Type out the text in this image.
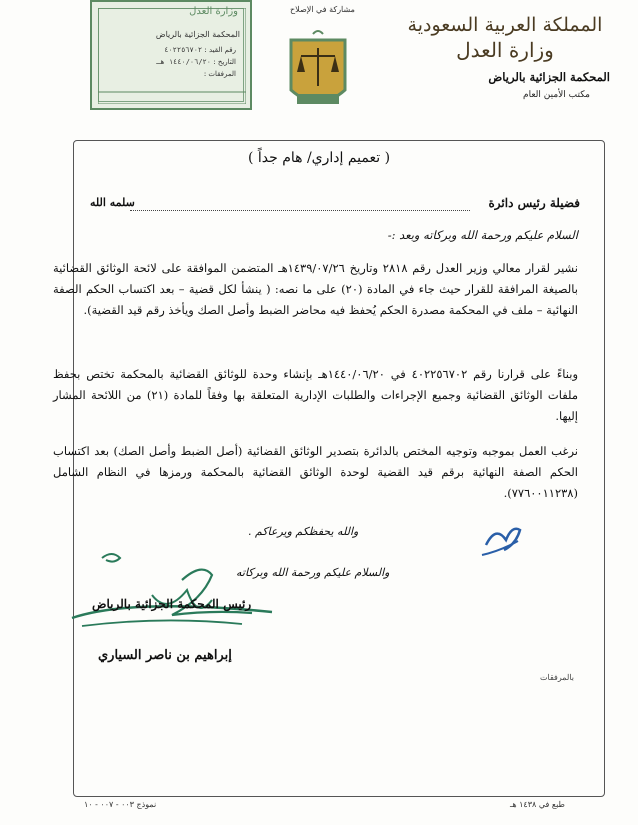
وزارة العدل
المحكمة الجزائية بالرياض
رقم القيد : ٤٠٢٢٥٦٧٠٢
التاريخ : ١٤٤٠/٠٦/٢٠ هـ
المرفقات :
مشاركة في الإصلاح
المملكة العربية السعودية
وزارة العدل
المحكمة الجزائية بالرياض
مكتب الأمين العام
( تعميم إداري/ هام جداً )
فضيلة رئيس دائرة
سلمه الله
السلام عليكم ورحمة الله وبركاته وبعد :-
نشير لقرار معالي وزير العدل رقم ٢٨١٨ وتاريخ ١٤٣٩/٠٧/٢٦هـ المتضمن الموافقة على لائحة الوثائق القضائية بالصيغة المرافقة للقرار حيث جاء في المادة (٢٠) على ما نصه: ( ينشأ لكل قضية – بعد اكتساب الحكم الصفة النهائية – ملف في المحكمة مصدرة الحكم يُحفظ فيه محاضر الضبط وأصل الصك ويأخذ رقم قيد القضية).
وبناءً على قرارنا رقم ٤٠٢٢٥٦٧٠٢ في ١٤٤٠/٠٦/٢٠هـ بإنشاء وحدة للوثائق القضائية بالمحكمة تختص بحفظ ملفات الوثائق القضائية وجميع الإجراءات والطلبات الإدارية المتعلقة بها وفقاً للمادة (٢١) من اللائحة المشار إليها.
نرغب العمل بموجبه وتوجيه المختص بالدائرة بتصدير الوثائق القضائية (أصل الضبط وأصل الصك) بعد اكتساب الحكم الصفة النهائية برقم قيد القضية لوحدة الوثائق القضائية بالمحكمة ورمزها في النظام الشامل (٧٧٦٠٠١١٢٣٨).
والله يحفظكم ويرعاكم .
والسلام عليكم ورحمة الله وبركاته
رئيس المحكمة الجزائية بالرياض
إبراهيم بن ناصر السياري
بالمرفقات
نموذج ٠٠٣ - ٠٠٧ - ١٠	طبع في ١٤٣٨ هـ
